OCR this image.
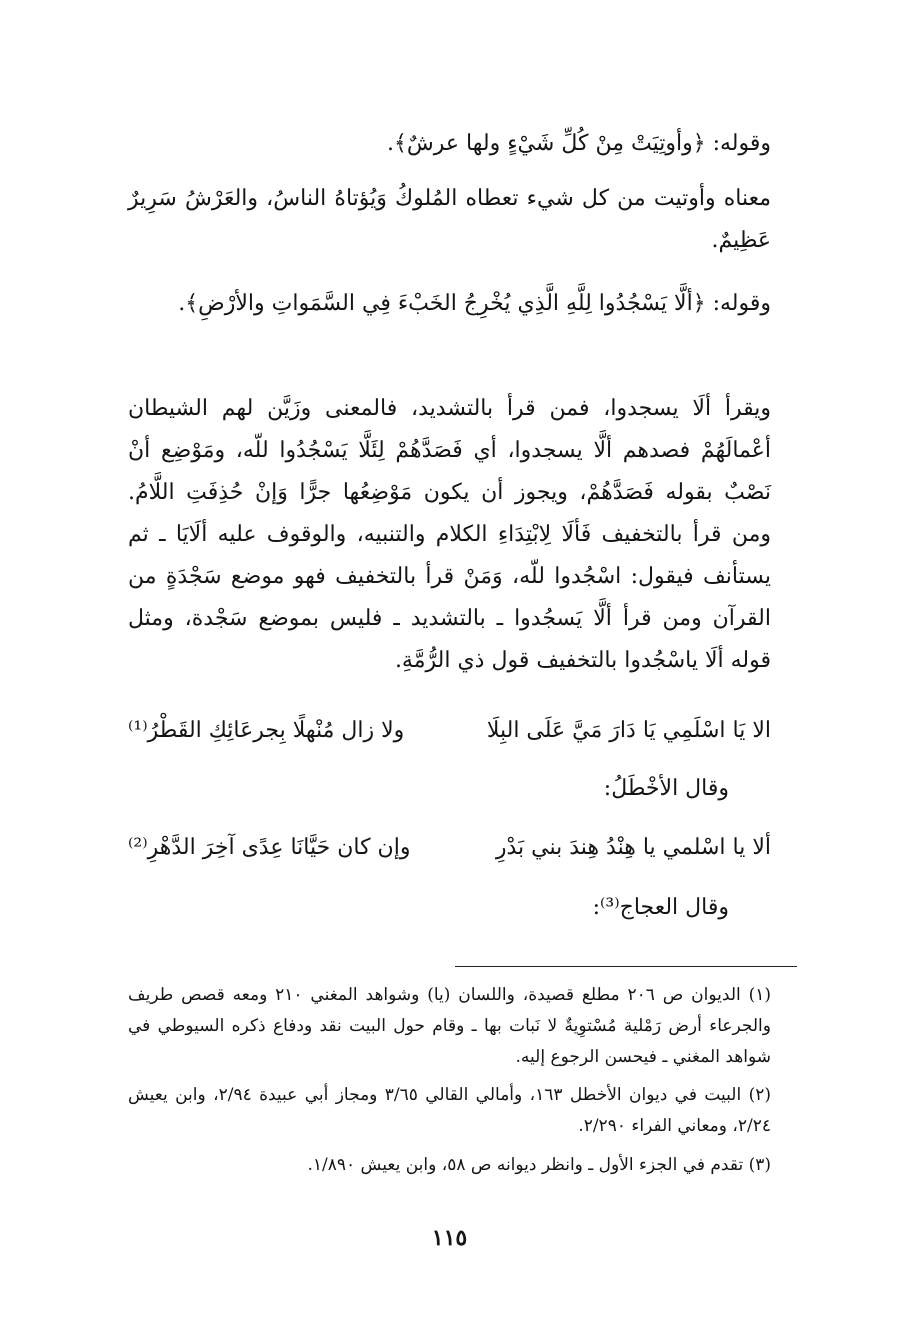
وقوله: ﴿وأوتِيَتْ مِنْ كُلِّ شَيْءٍ ولها عرشٌ﴾.

معناه وأوتيت من كل شيء تعطاه المُلوكُ وَيُؤتاهُ الناسُ، والعَرْشُ سَرِيرٌ عَظِيمٌ.

وقوله: ﴿ألَّا يَسْجُدُوا لِلَّهِ الَّذِي يُخْرِجُ الخَبْءَ فِي السَّمَواتِ والأرْضِ﴾.

ويقرأ ألَا يسجدوا، فمن قرأ بالتشديد، فالمعنى وزَيَّن لهم الشيطان أعْمالَهُمْ فصدهم ألَّا يسجدوا، أي فَصَدَّهُمْ لِئَلَّا يَسْجُدُوا للّه، ومَوْضِع أنْ نَصْبٌ بقوله فَصَدَّهُمْ، ويجوز أن يكون مَوْضِعُها جرًّا وَإنْ حُذِفَتِ اللَّامُ. ومن قرأ بالتخفيف فَألَا لِابْتِدَاءِ الكلام والتنبيه، والوقوف عليه ألَايَا ـ ثم يستأنف فيقول: اسْجُدوا للّه، وَمَنْ قرأ بالتخفيف فهو موضع سَجْدَةٍ من القرآن ومن قرأ ألَّا يَسجُدوا ـ بالتشديد ـ فليس بموضع سَجْدة، ومثل قوله ألَا ياسْجُدوا بالتخفيف قول ذي الرُّمَّةِ.

الا يَا اسْلَمِي يَا دَارَ مَيَّ عَلَى البِلَا
ولا زال مُنْهلًا بِجرعَائِكِ القَطْرُ⁽¹⁾

وقال الأخْطَلُ:

ألا يا اسْلمي يا هِنْدُ هِندَ بني بَدْرِ
وإن كان حَيَّانَا عِدًى آخِرَ الدَّهْرِ⁽²⁾

وقال العجاج⁽³⁾:

(١) الديوان ص ٢٠٦ مطلع قصيدة، واللسان (يا) وشواهد المغني ٢١٠ ومعه قصص طريف والجرعاء أرض رَمْلية مُسْتوِيةٌ لا نَبات بها ـ وقام حول البيت نقد ودفاع ذكره السيوطي في شواهد المغني ـ فيحسن الرجوع إليه.

(٢) البيت في ديوان الأخطل ١٦٣، وأمالي القالي ٣/٦٥ ومجاز أبي عبيدة ٢/٩٤، وابن يعيش ٢/٢٤، ومعاني الفراء ٢/٢٩٠.

(٣) تقدم في الجزء الأول ـ وانظر ديوانه ص ٥٨، وابن يعيش ١/٨٩٠.

١١٥
